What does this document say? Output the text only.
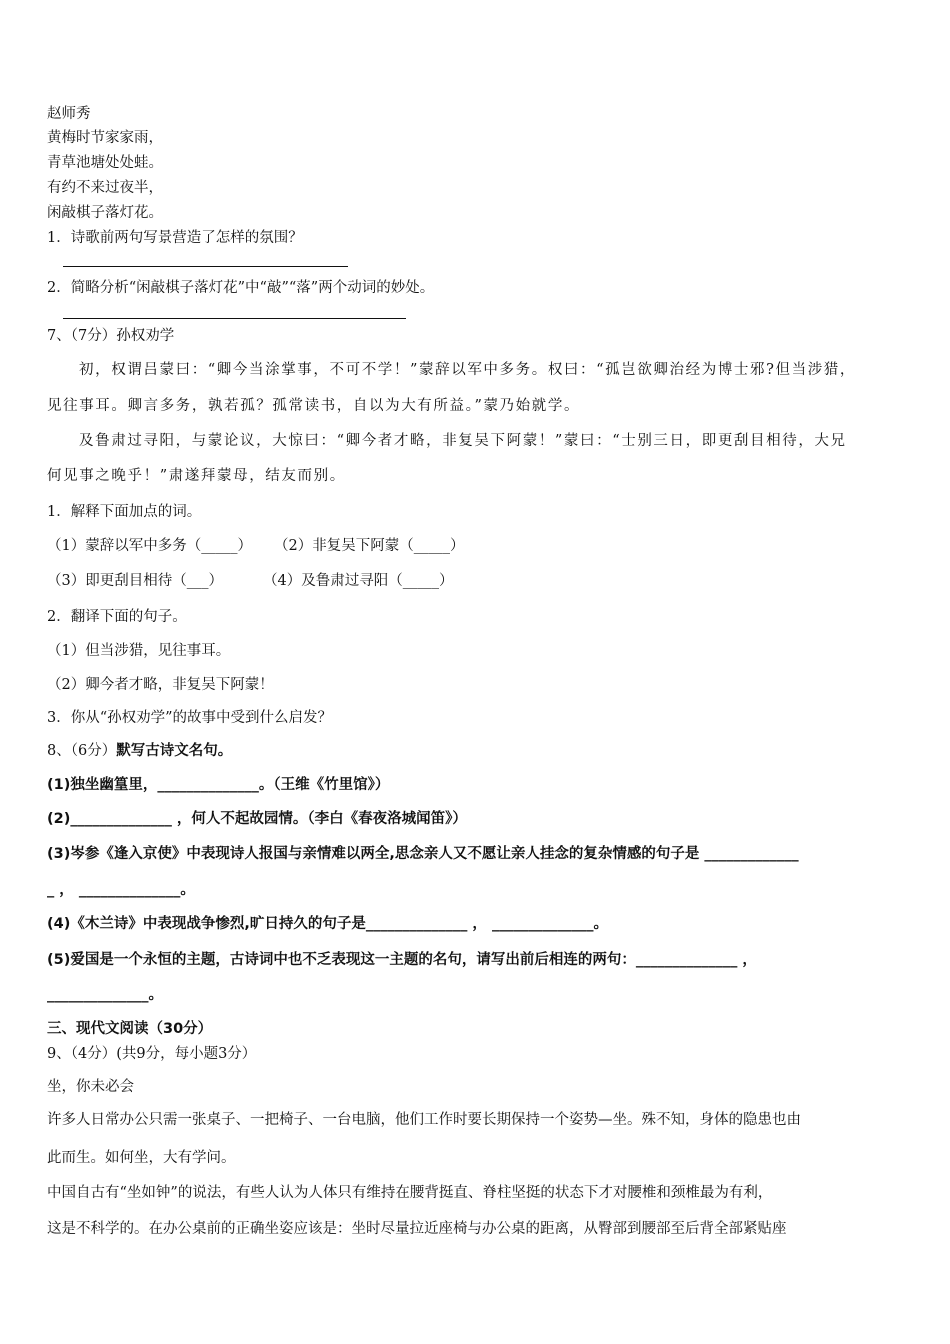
赵师秀
黄梅时节家家雨，
青草池塘处处蛙。
有约不来过夜半，
闲敲棋子落灯花。
1．诗歌前两句写景营造了怎样的氛围？
2．简略分析“闲敲棋子落灯花”中“敲”“落”两个动词的妙处。
7、（7分）孙权劝学
初，权谓吕蒙曰：“卿今当涂掌事，不可不学！”蒙辞以军中多务。权曰：“孤岂欲卿治经为博士邪?但当涉猎，
见往事耳。卿言多务，孰若孤？孤常读书，自以为大有所益。”蒙乃始就学。
及鲁肃过寻阳，与蒙论议，大惊曰：“卿今者才略，非复吴下阿蒙！”蒙曰：“士别三日，即更刮目相待，大兄
何见事之晚乎！”肃遂拜蒙母，结友而别。
1．解释下面加点的词。
（1）蒙辞以军中多务（_____） （2）非复吴下阿蒙（_____）
（3）即更刮目相待（___）	（4）及鲁肃过寻阳（_____）
2．翻译下面的句子。
（1）但当涉猎，见往事耳。
（2）卿今者才略，非复吴下阿蒙！
3．你从“孙权劝学”的故事中受到什么启发？
8、（6分）默写古诗文名句。
(1)独坐幽篁里，______________。（王维《竹里馆》）
(2)______________ ，何人不起故园情。（李白《春夜洛城闻笛》）
(3)岑参《逢入京使》中表现诗人报国与亲情难以两全,思念亲人又不愿让亲人挂念的复杂情感的句子是 _____________
_ ， ______________。
(4)《木兰诗》中表现战争惨烈,旷日持久的句子是______________ ， ______________。
(5)爱国是一个永恒的主题，古诗词中也不乏表现这一主题的名句，请写出前后相连的两句：______________ ，
______________。
三、现代文阅读（30分）
9、（4分）(共9分，每小题3分）
坐，你未必会
许多人日常办公只需一张桌子、一把椅子、一台电脑，他们工作时要长期保持一个姿势—坐。殊不知，身体的隐患也由
此而生。如何坐，大有学问。
中国自古有“坐如钟”的说法，有些人认为人体只有维持在腰背挺直、脊柱坚挺的状态下才对腰椎和颈椎最为有利，
这是不科学的。在办公桌前的正确坐姿应该是：坐时尽量拉近座椅与办公桌的距离，从臀部到腰部至后背全部紧贴座
